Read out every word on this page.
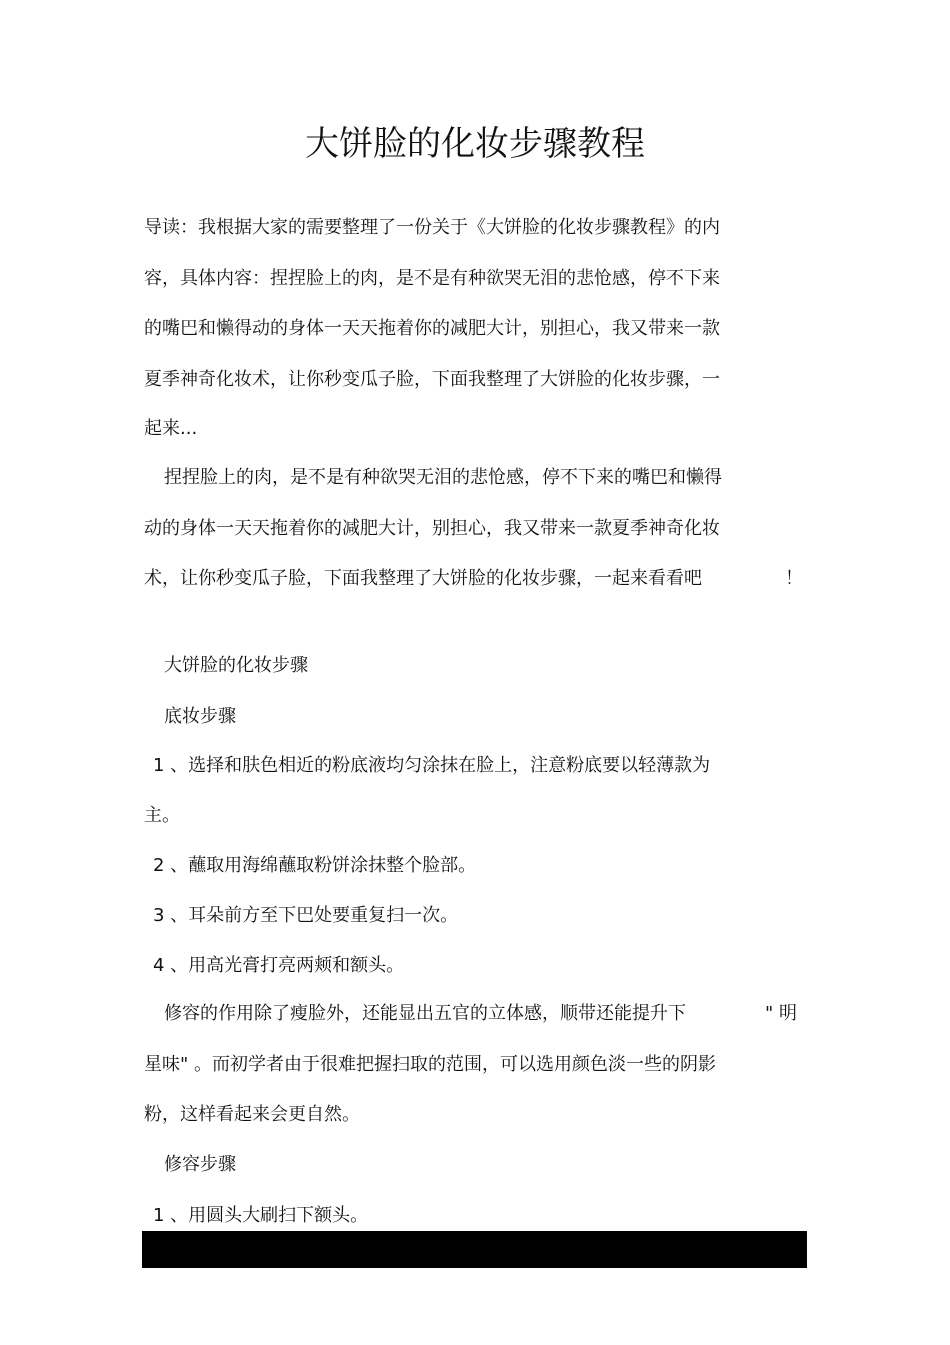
大饼脸的化妆步骤教程
导读：我根据大家的需要整理了一份关于《大饼脸的化妆步骤教程》的内
容，具体内容：捏捏脸上的肉，是不是有种欲哭无泪的悲怆感，停不下来
的嘴巴和懒得动的身体一天天拖着你的减肥大计，别担心，我又带来一款
夏季神奇化妆术，让你秒变瓜子脸，下面我整理了大饼脸的化妆步骤，一
起来...
捏捏脸上的肉，是不是有种欲哭无泪的悲怆感，停不下来的嘴巴和懒得
动的身体一天天拖着你的减肥大计，别担心，我又带来一款夏季神奇化妆
术，让你秒变瓜子脸，下面我整理了大饼脸的化妆步骤，一起来看看吧	！
大饼脸的化妆步骤
底妆步骤
1 、选择和肤色相近的粉底液均匀涂抹在脸上，注意粉底要以轻薄款为
主。
2 、蘸取用海绵蘸取粉饼涂抹整个脸部。
3 、耳朵前方至下巴处要重复扫一次。
4 、用高光膏打亮两颊和额头。
修容的作用除了瘦脸外，还能显出五官的立体感，顺带还能提升下	" 明
星味" 。而初学者由于很难把握扫取的范围，可以选用颜色淡一些的阴影
粉，这样看起来会更自然。
修容步骤
1 、用圆头大刷扫下额头。
